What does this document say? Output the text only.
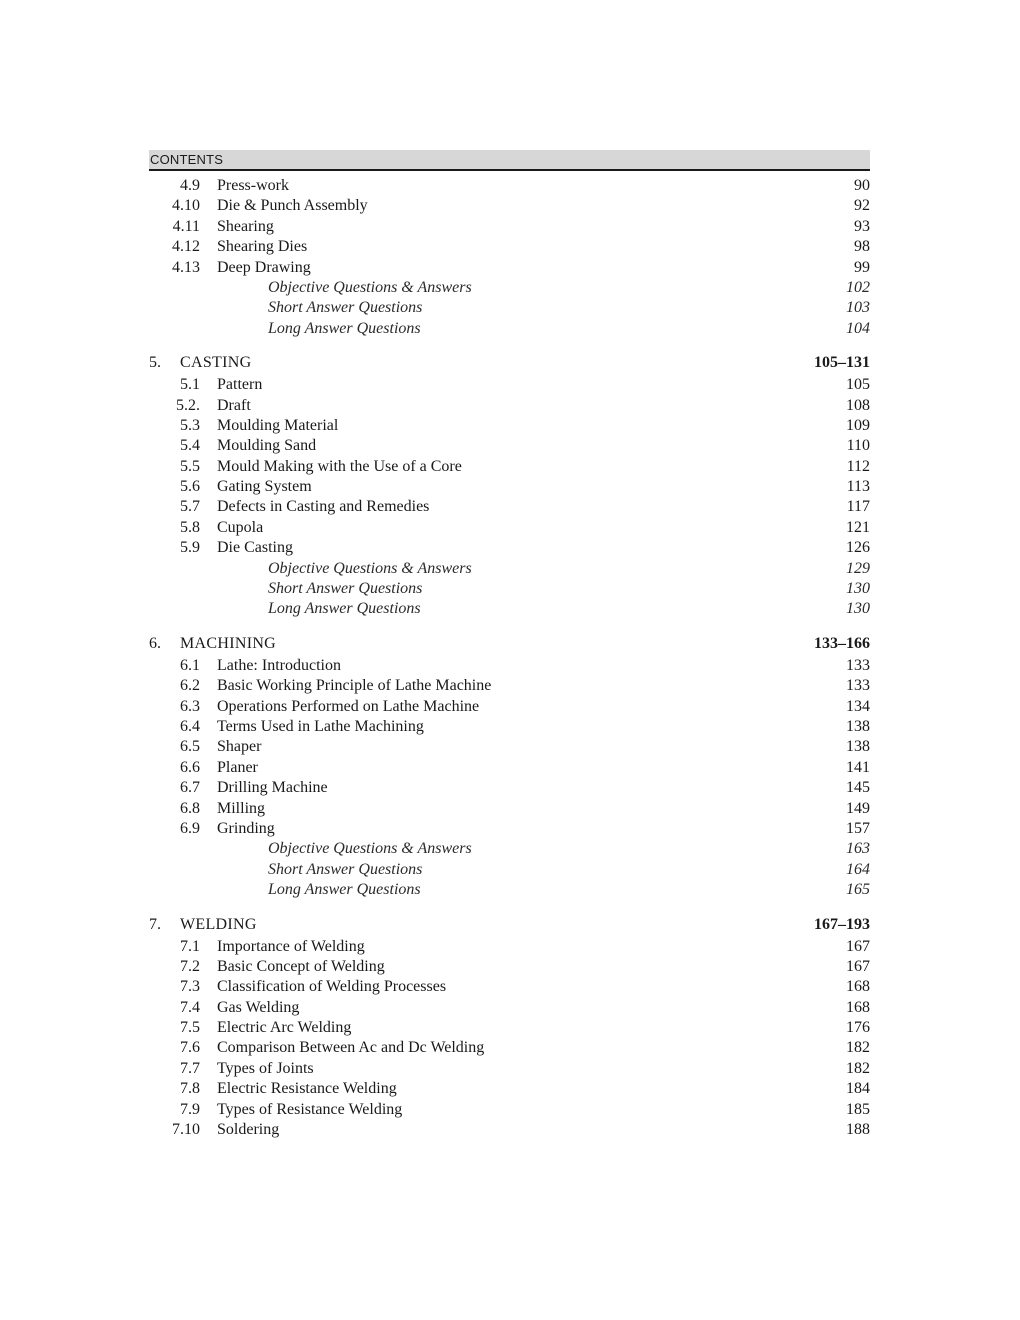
CONTENTS
4.9 Press-work	90
4.10 Die & Punch Assembly	92
4.11 Shearing	93
4.12 Shearing Dies	98
4.13 Deep Drawing	99
Objective Questions & Answers	102
Short Answer Questions	103
Long Answer Questions	104
5.	CASTING	105–131
5.1 Pattern	105
5.2. Draft	108
5.3 Moulding Material	109
5.4 Moulding Sand	110
5.5 Mould Making with the Use of a Core	112
5.6 Gating System	113
5.7 Defects in Casting and Remedies	117
5.8 Cupola	121
5.9 Die Casting	126
Objective Questions & Answers	129
Short Answer Questions	130
Long Answer Questions	130
6.	MACHINING	133–166
6.1 Lathe: Introduction	133
6.2 Basic Working Principle of Lathe Machine	133
6.3 Operations Performed on Lathe Machine	134
6.4 Terms Used in Lathe Machining	138
6.5 Shaper	138
6.6 Planer	141
6.7 Drilling Machine	145
6.8 Milling	149
6.9 Grinding	157
Objective Questions & Answers	163
Short Answer Questions	164
Long Answer Questions	165
7.	WELDING	167–193
7.1 Importance of Welding	167
7.2 Basic Concept of Welding	167
7.3 Classification of Welding Processes	168
7.4 Gas Welding	168
7.5 Electric Arc Welding	176
7.6 Comparison Between Ac and Dc Welding	182
7.7 Types of Joints	182
7.8 Electric Resistance Welding	184
7.9 Types of Resistance Welding	185
7.10 Soldering	188
